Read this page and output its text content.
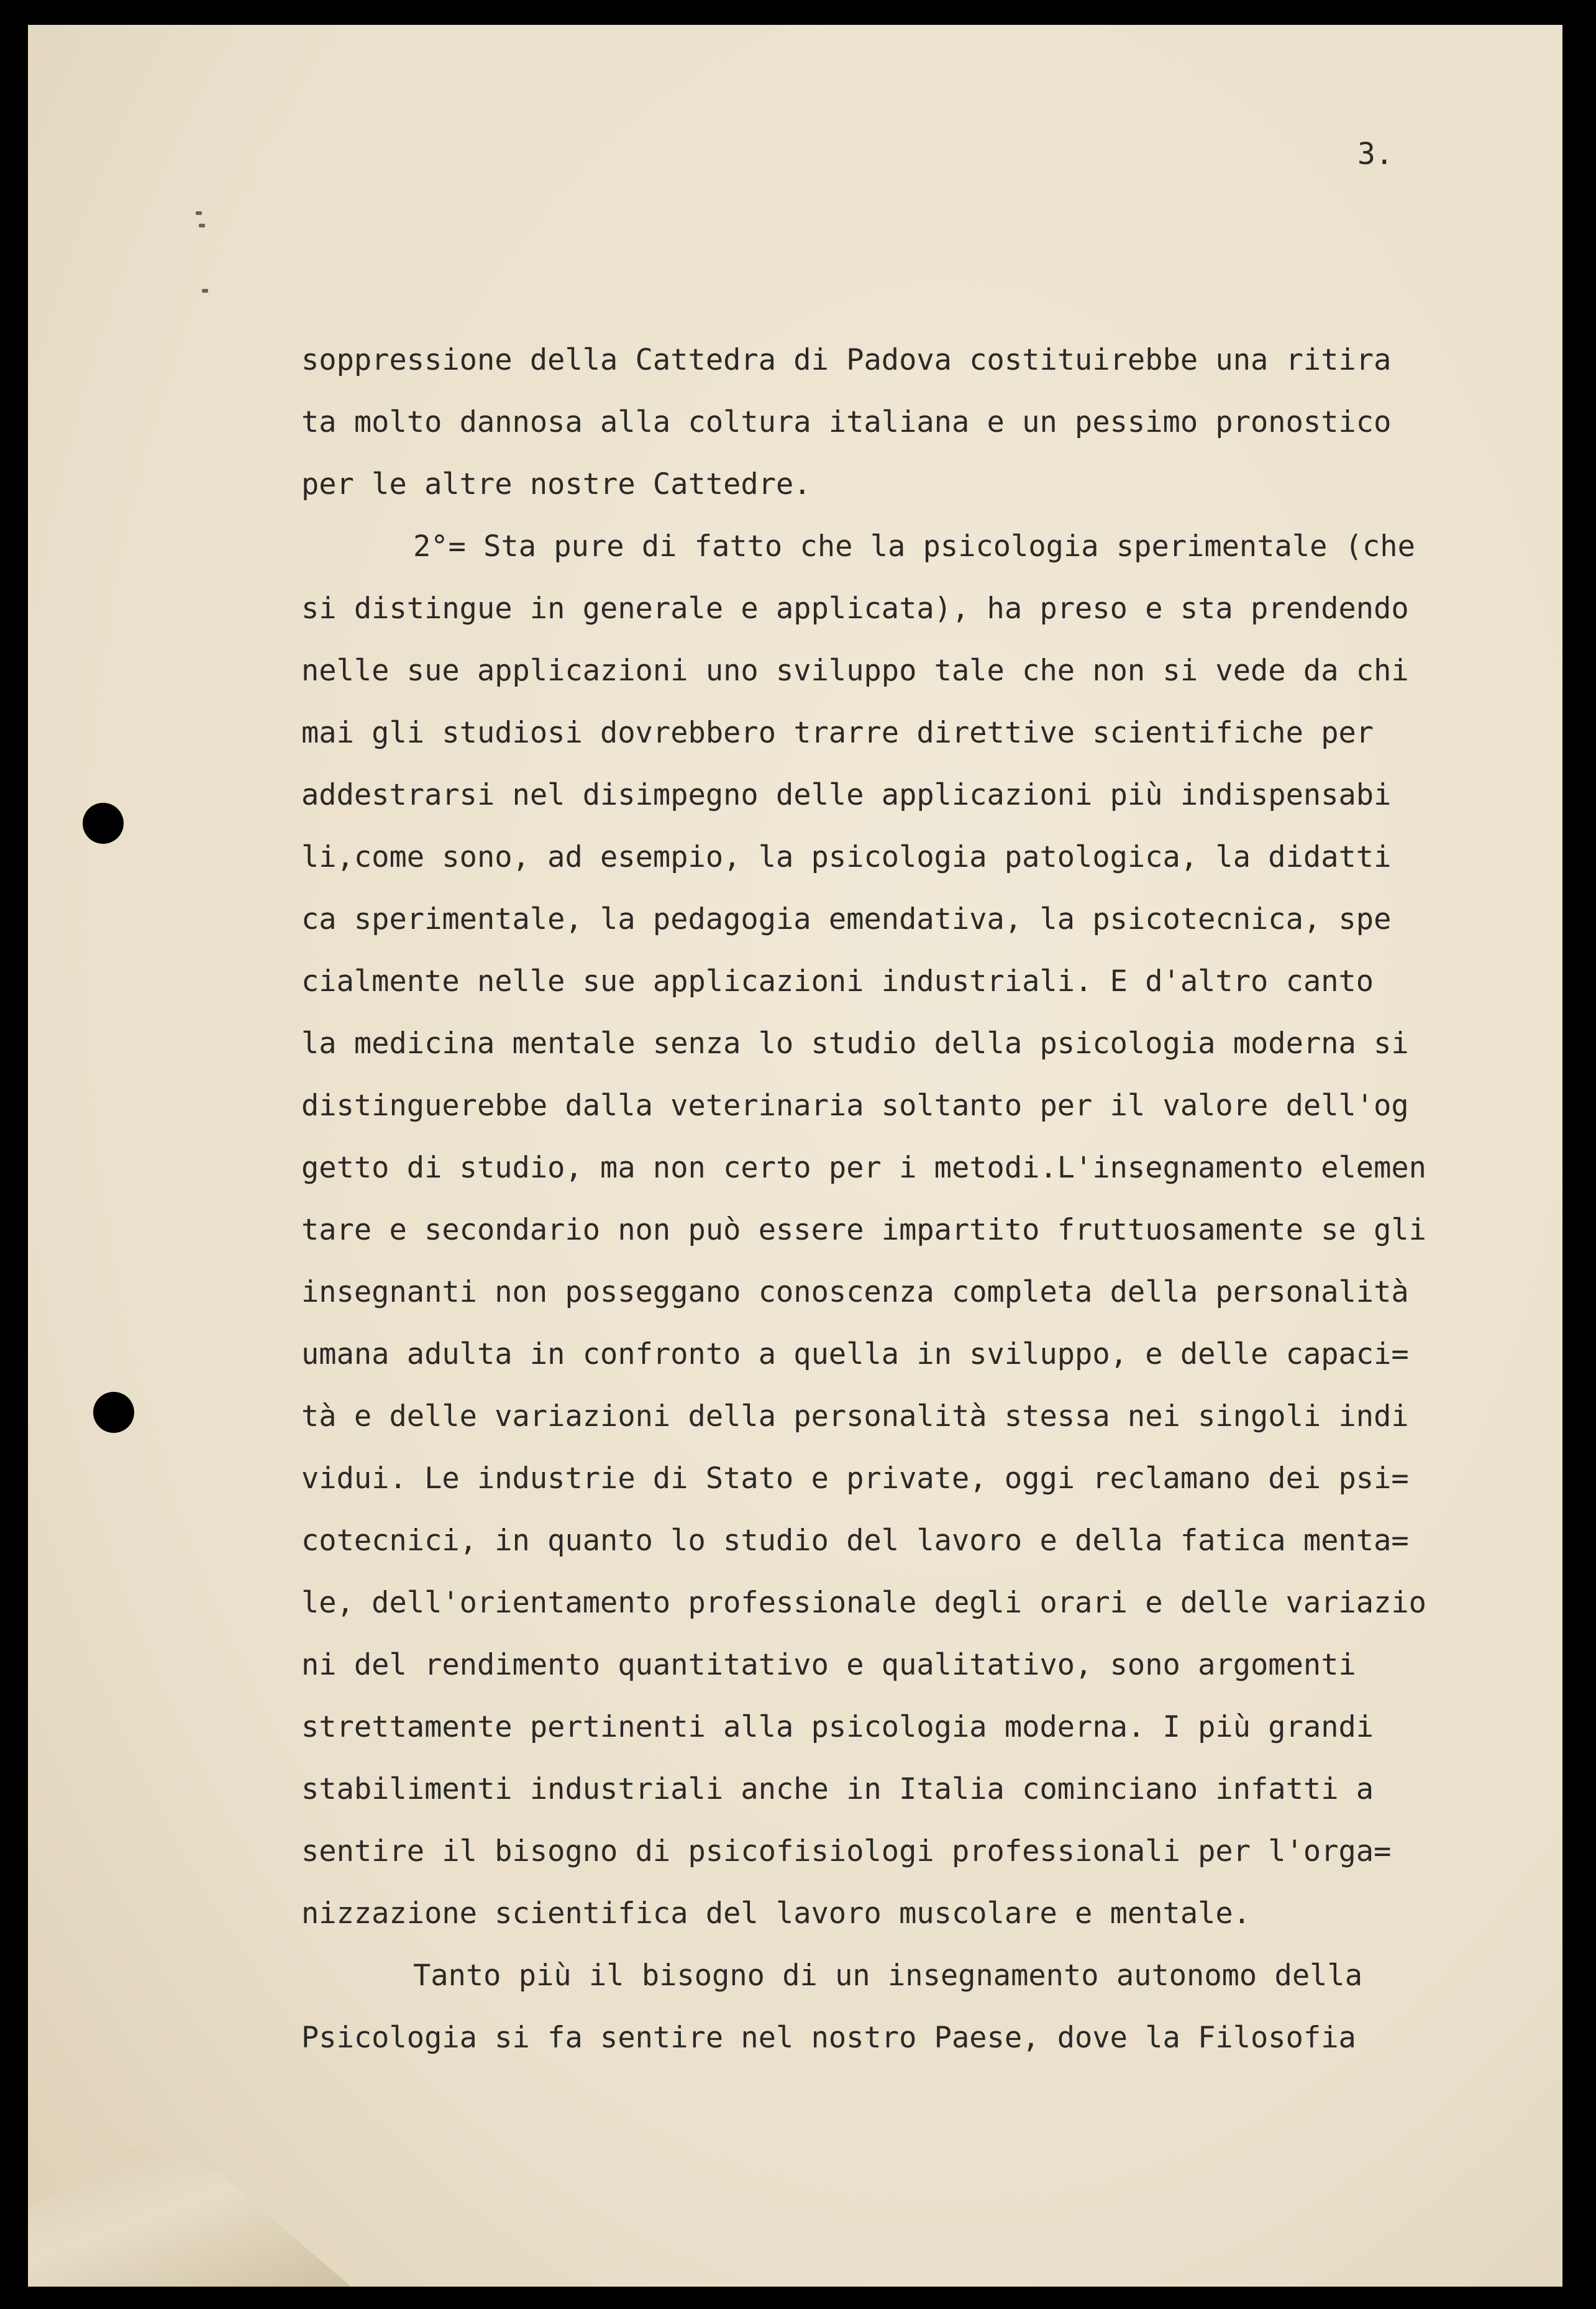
3.
soppressione della Cattedra di Padova costituirebbe una ritira
ta molto dannosa alla coltura italiana e un pessimo pronostico
per le altre nostre Cattedre.
2°= Sta pure di fatto che la psicologia sperimentale (che
si distingue in generale e applicata), ha preso e sta prendendo
nelle sue applicazioni uno sviluppo tale che non si vede da chi
mai gli studiosi dovrebbero trarre direttive scientifiche per
addestrarsi nel disimpegno delle applicazioni più indispensabi
li,come sono, ad esempio, la psicologia patologica, la didatti
ca sperimentale, la pedagogia emendativa, la psicotecnica, spe
cialmente nelle sue applicazioni industriali. E d'altro canto
la medicina mentale senza lo studio della psicologia moderna si
distinguerebbe dalla veterinaria soltanto per il valore dell'og
getto di studio, ma non certo per i metodi.L'insegnamento elemen
tare e secondario non può essere impartito fruttuosamente se gli
insegnanti non posseggano conoscenza completa della personalità
umana adulta in confronto a quella in sviluppo, e delle capaci=
tà e delle variazioni della personalità stessa nei singoli indi
vidui. Le industrie di Stato e private, oggi reclamano dei psi=
cotecnici, in quanto lo studio del lavoro e della fatica menta=
le, dell'orientamento professionale degli orari e delle variazio
ni del rendimento quantitativo e qualitativo, sono argomenti
strettamente pertinenti alla psicologia moderna. I più grandi
stabilimenti industriali anche in Italia cominciano infatti a
sentire il bisogno di psicofisiologi professionali per l'orga=
nizzazione scientifica del lavoro muscolare e mentale.
Tanto più il bisogno di un insegnamento autonomo della
Psicologia si fa sentire nel nostro Paese, dove la Filosofia
